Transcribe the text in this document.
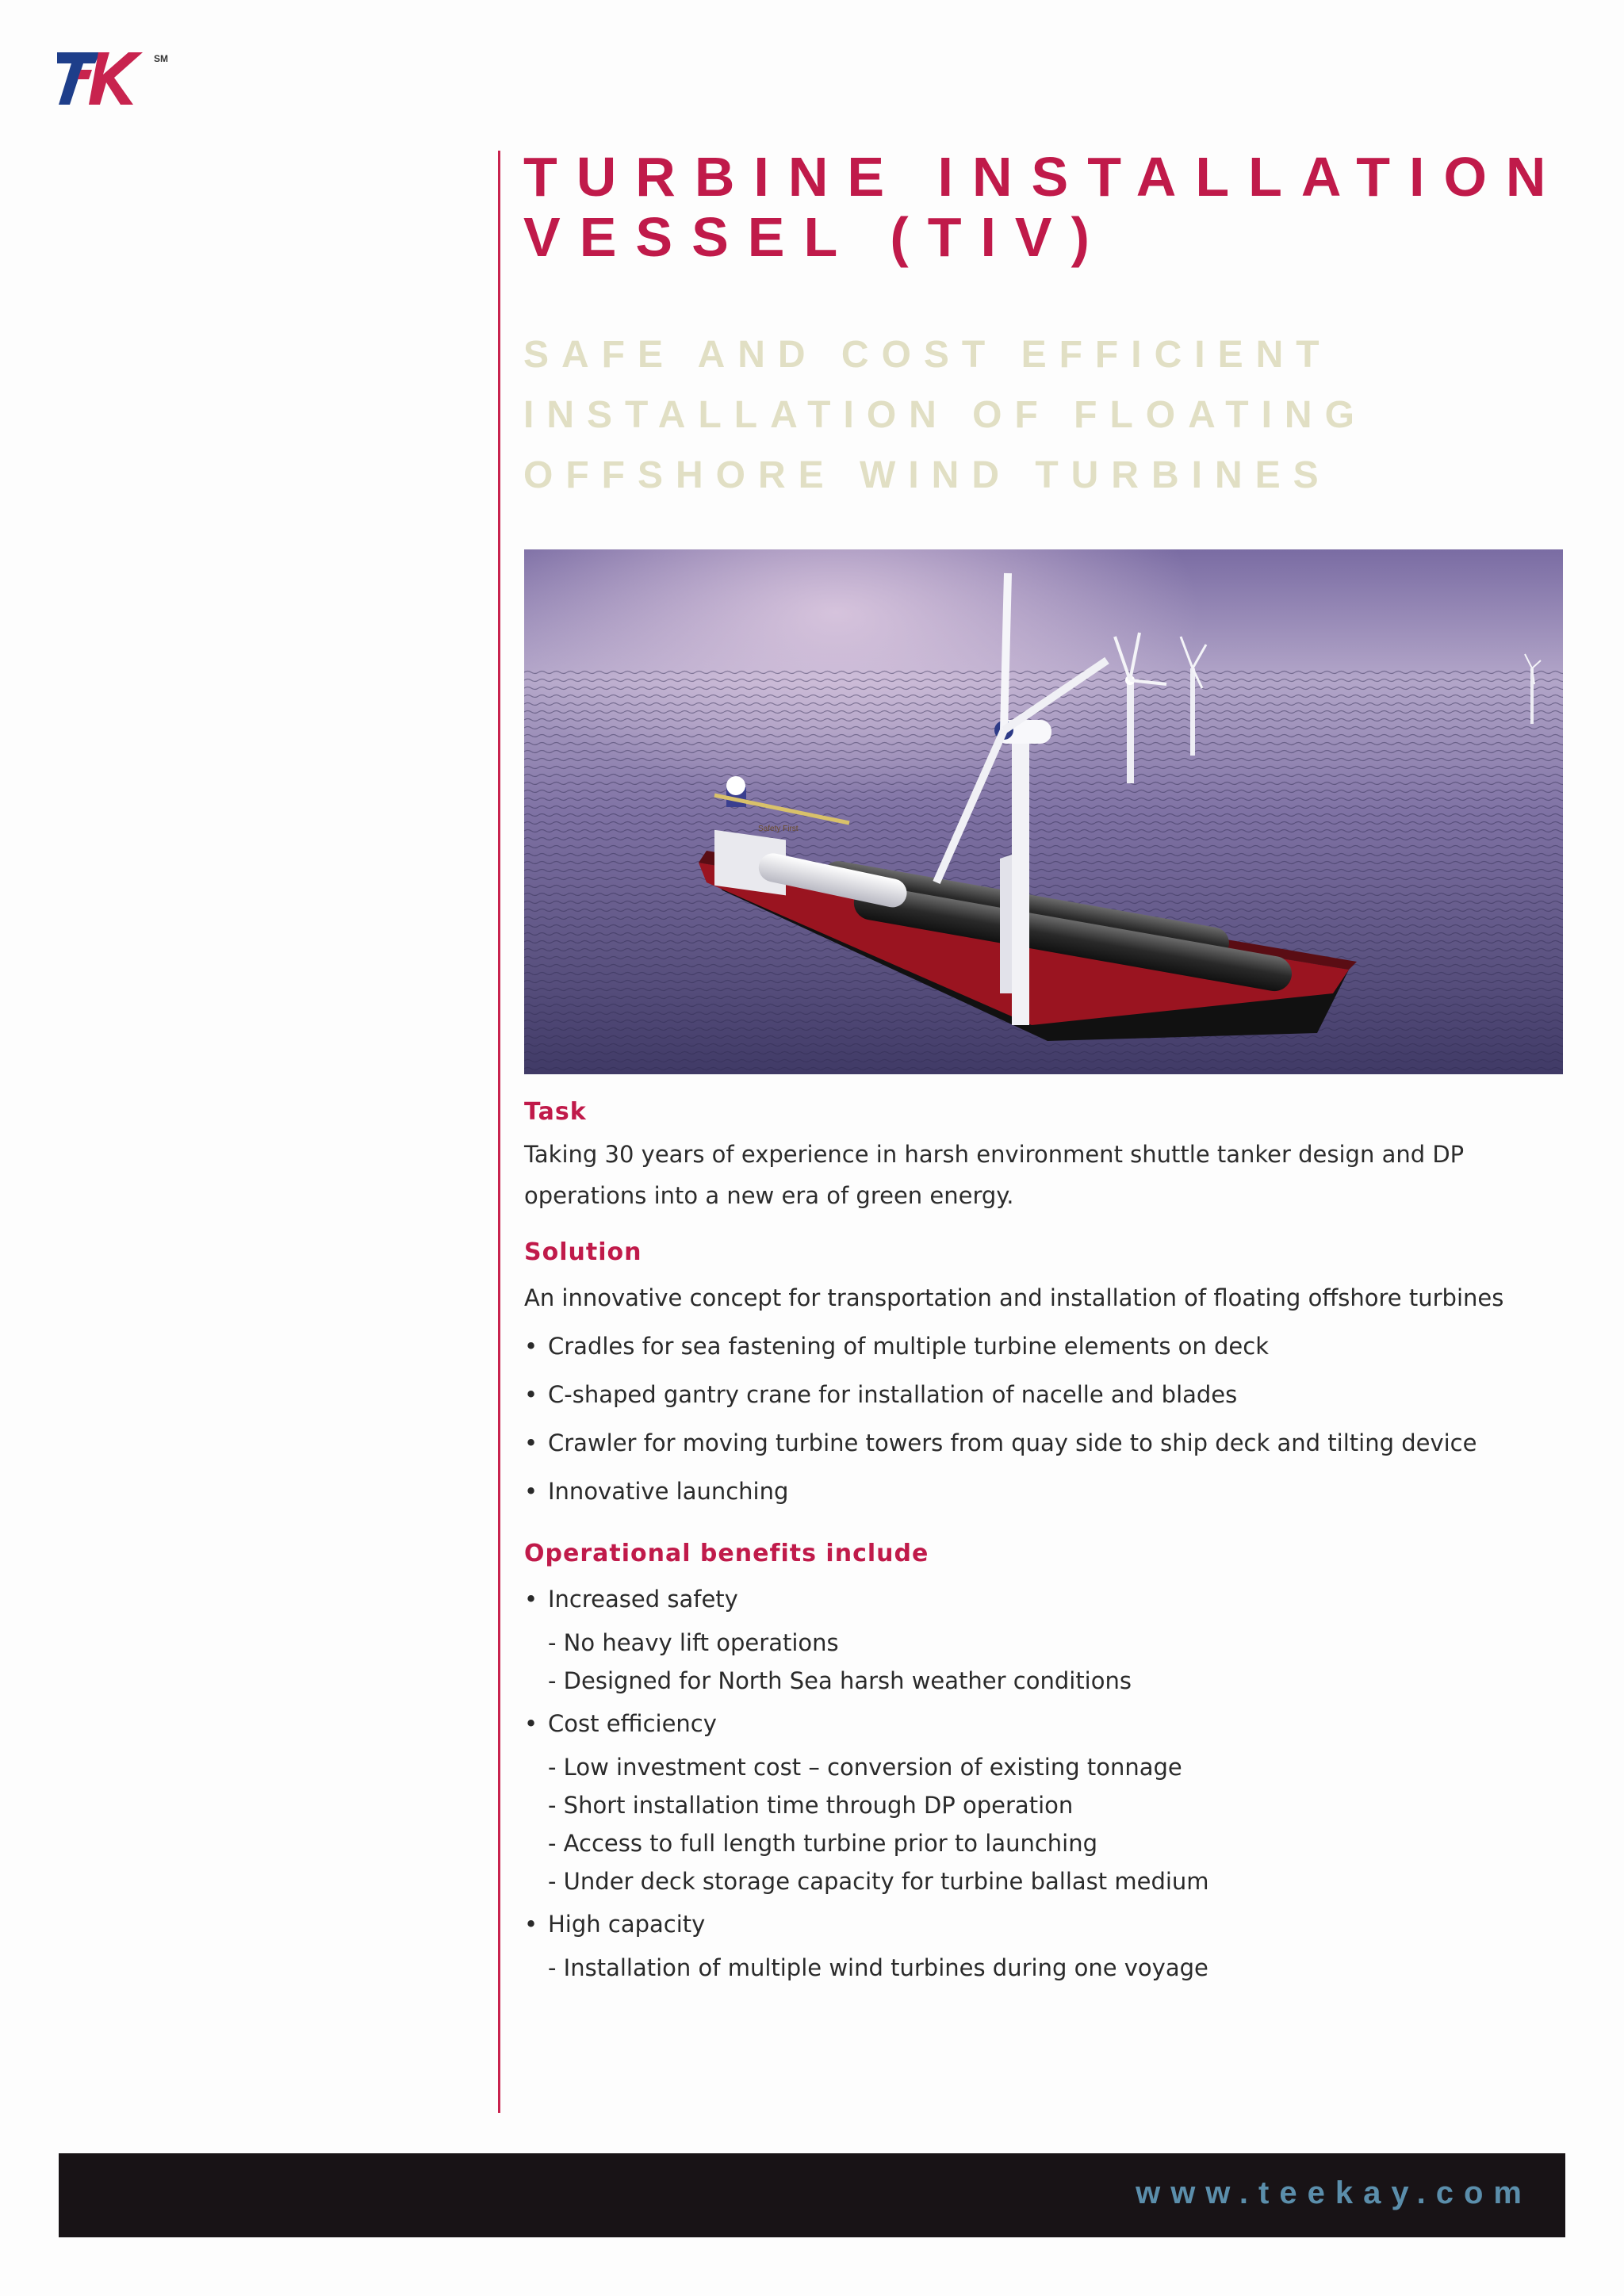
SM
TURBINE INSTALLATION
VESSEL (TIV)
SAFE AND COST EFFICIENT
INSTALLATION OF FLOATING
OFFSHORE WIND TURBINES
Safety First

Task

Taking 30 years of experience in harsh environment shuttle tanker design and DP
operations into a new era of green energy.

Solution

An innovative concept for transportation and installation of floating offshore turbines

• Cradles for sea fastening of multiple turbine elements on deck

• C-shaped gantry crane for installation of nacelle and blades

• Crawler for moving turbine towers from quay side to ship deck and tilting device

• Innovative launching

Operational benefits include

• Increased safety

- No heavy lift operations

- Designed for North Sea harsh weather conditions

• Cost efficiency

- Low investment cost – conversion of existing tonnage

- Short installation time through DP operation

- Access to full length turbine prior to launching

- Under deck storage capacity for turbine ballast medium

• High capacity

- Installation of multiple wind turbines during one voyage

www.teekay.com
